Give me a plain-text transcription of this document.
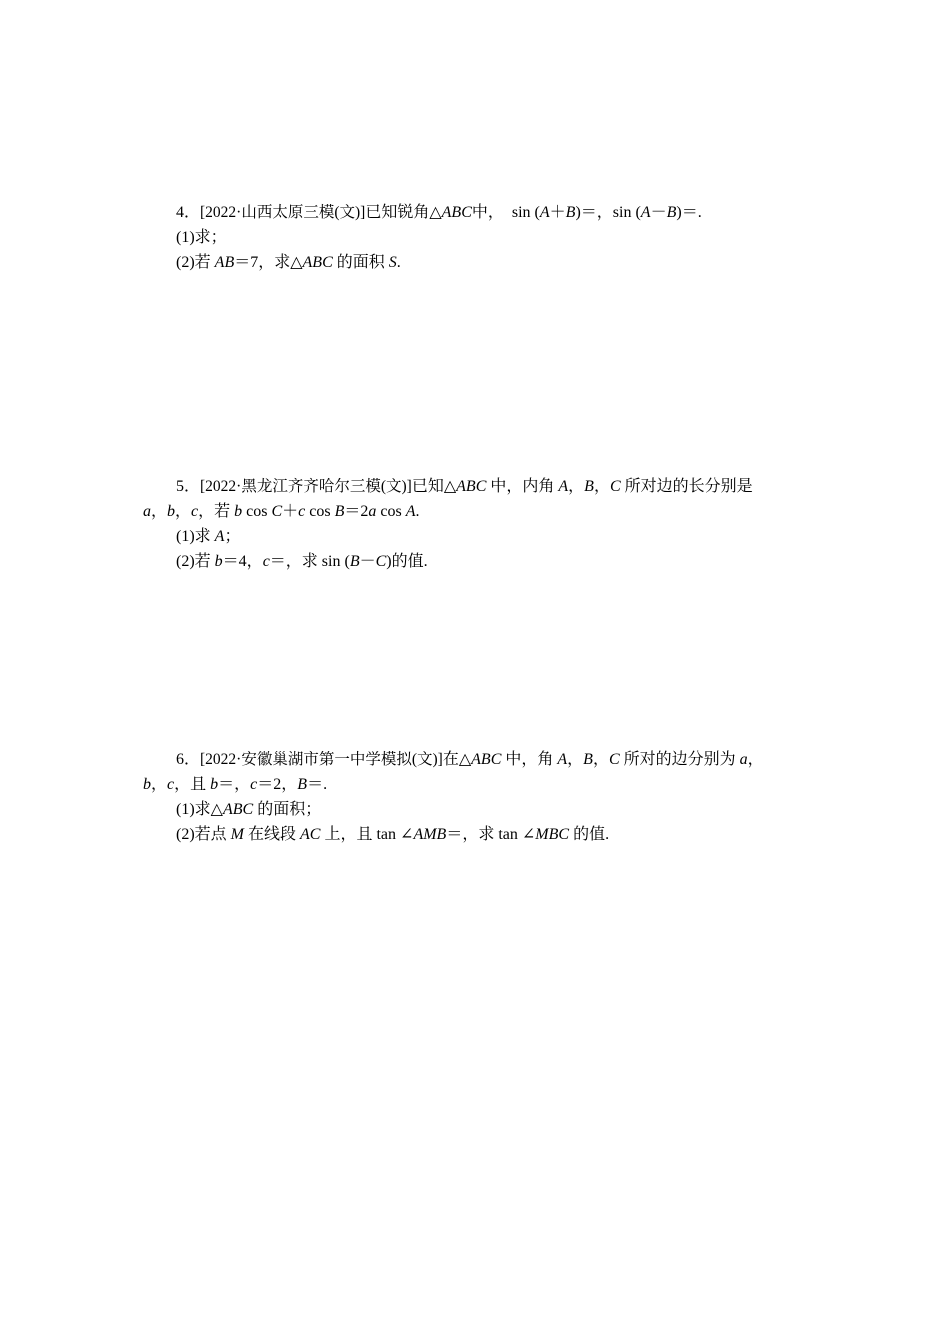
4．[2022·山西太原三模(文)]已知锐角△ABC中，  sin (A＋B)＝，sin (A－B)＝.
(1)求；
(2)若 AB＝7，求△ABC 的面积 S.
5．[2022·黑龙江齐齐哈尔三模(文)]已知△ABC 中，内角 A，B，C 所对边的长分别是
a，b，c，若 b cos C＋c cos B＝2a cos A.
(1)求 A；
(2)若 b＝4，c＝，求 sin (B－C)的值.
6．[2022·安徽巢湖市第一中学模拟(文)]在△ABC 中，角 A，B，C 所对的边分别为 a，
b，c，且 b＝，c＝2，B＝.
(1)求△ABC 的面积；
(2)若点 M 在线段 AC 上，且 tan ∠AMB＝，求 tan ∠MBC 的值.
